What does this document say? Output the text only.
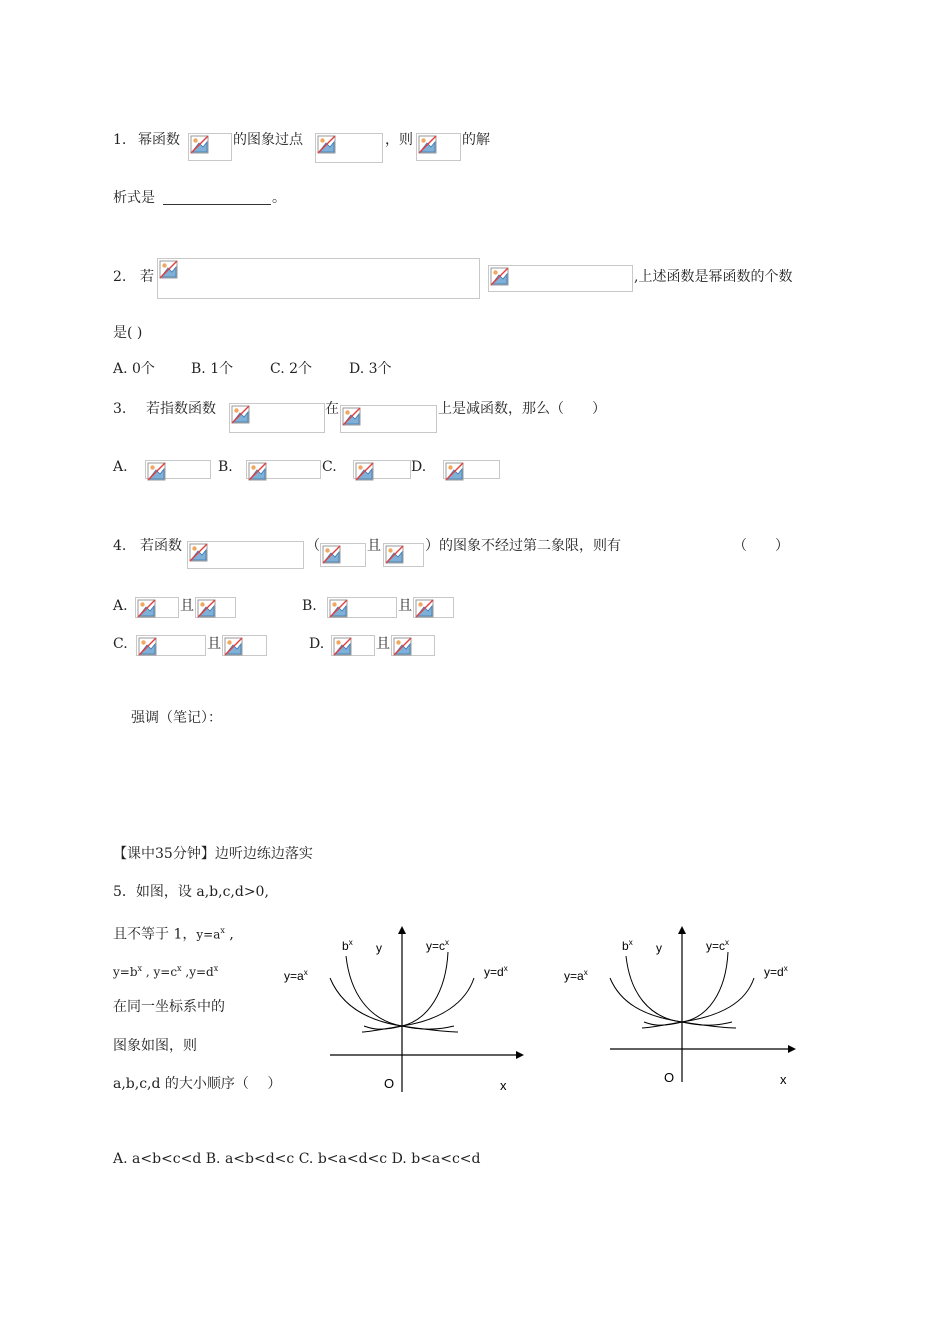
1. 幂函数	的图象过点	，则	的解
析式是	。
2. 若	,上述函数是幂函数的个数
是( )
A. 0个	B. 1个	C. 2个	D. 3个
3. 若指数函数	在	上是减函数，那么（　　）
A.	B.	C.	D.
4. 若函数	（	且	）的图象不经过第二象限，则有	（　　）
A.	且	B.	且
C.	且	D.	且
强调（笔记）：
【课中35分钟】边听边练边落实
5．如图，设 a,b,c,d>0,
且不等于 1，$y=a^x$ ,
$y=b^x$ , $y=c^x$ $,y=d^x$
在同一坐标系中的
图象如图，则
a,b,c,d 的大小顺序（　 ）
$b^x$ y	$y=c^x$
$y=a^x$	$y=d^x$
O	x
$b^x$ y	$y=c^x$
$y=a^x$	$y=d^x$
O	x
A. a<b<c<d B. a<b<d<c C. b<a<d<c D. b<a<c<d
